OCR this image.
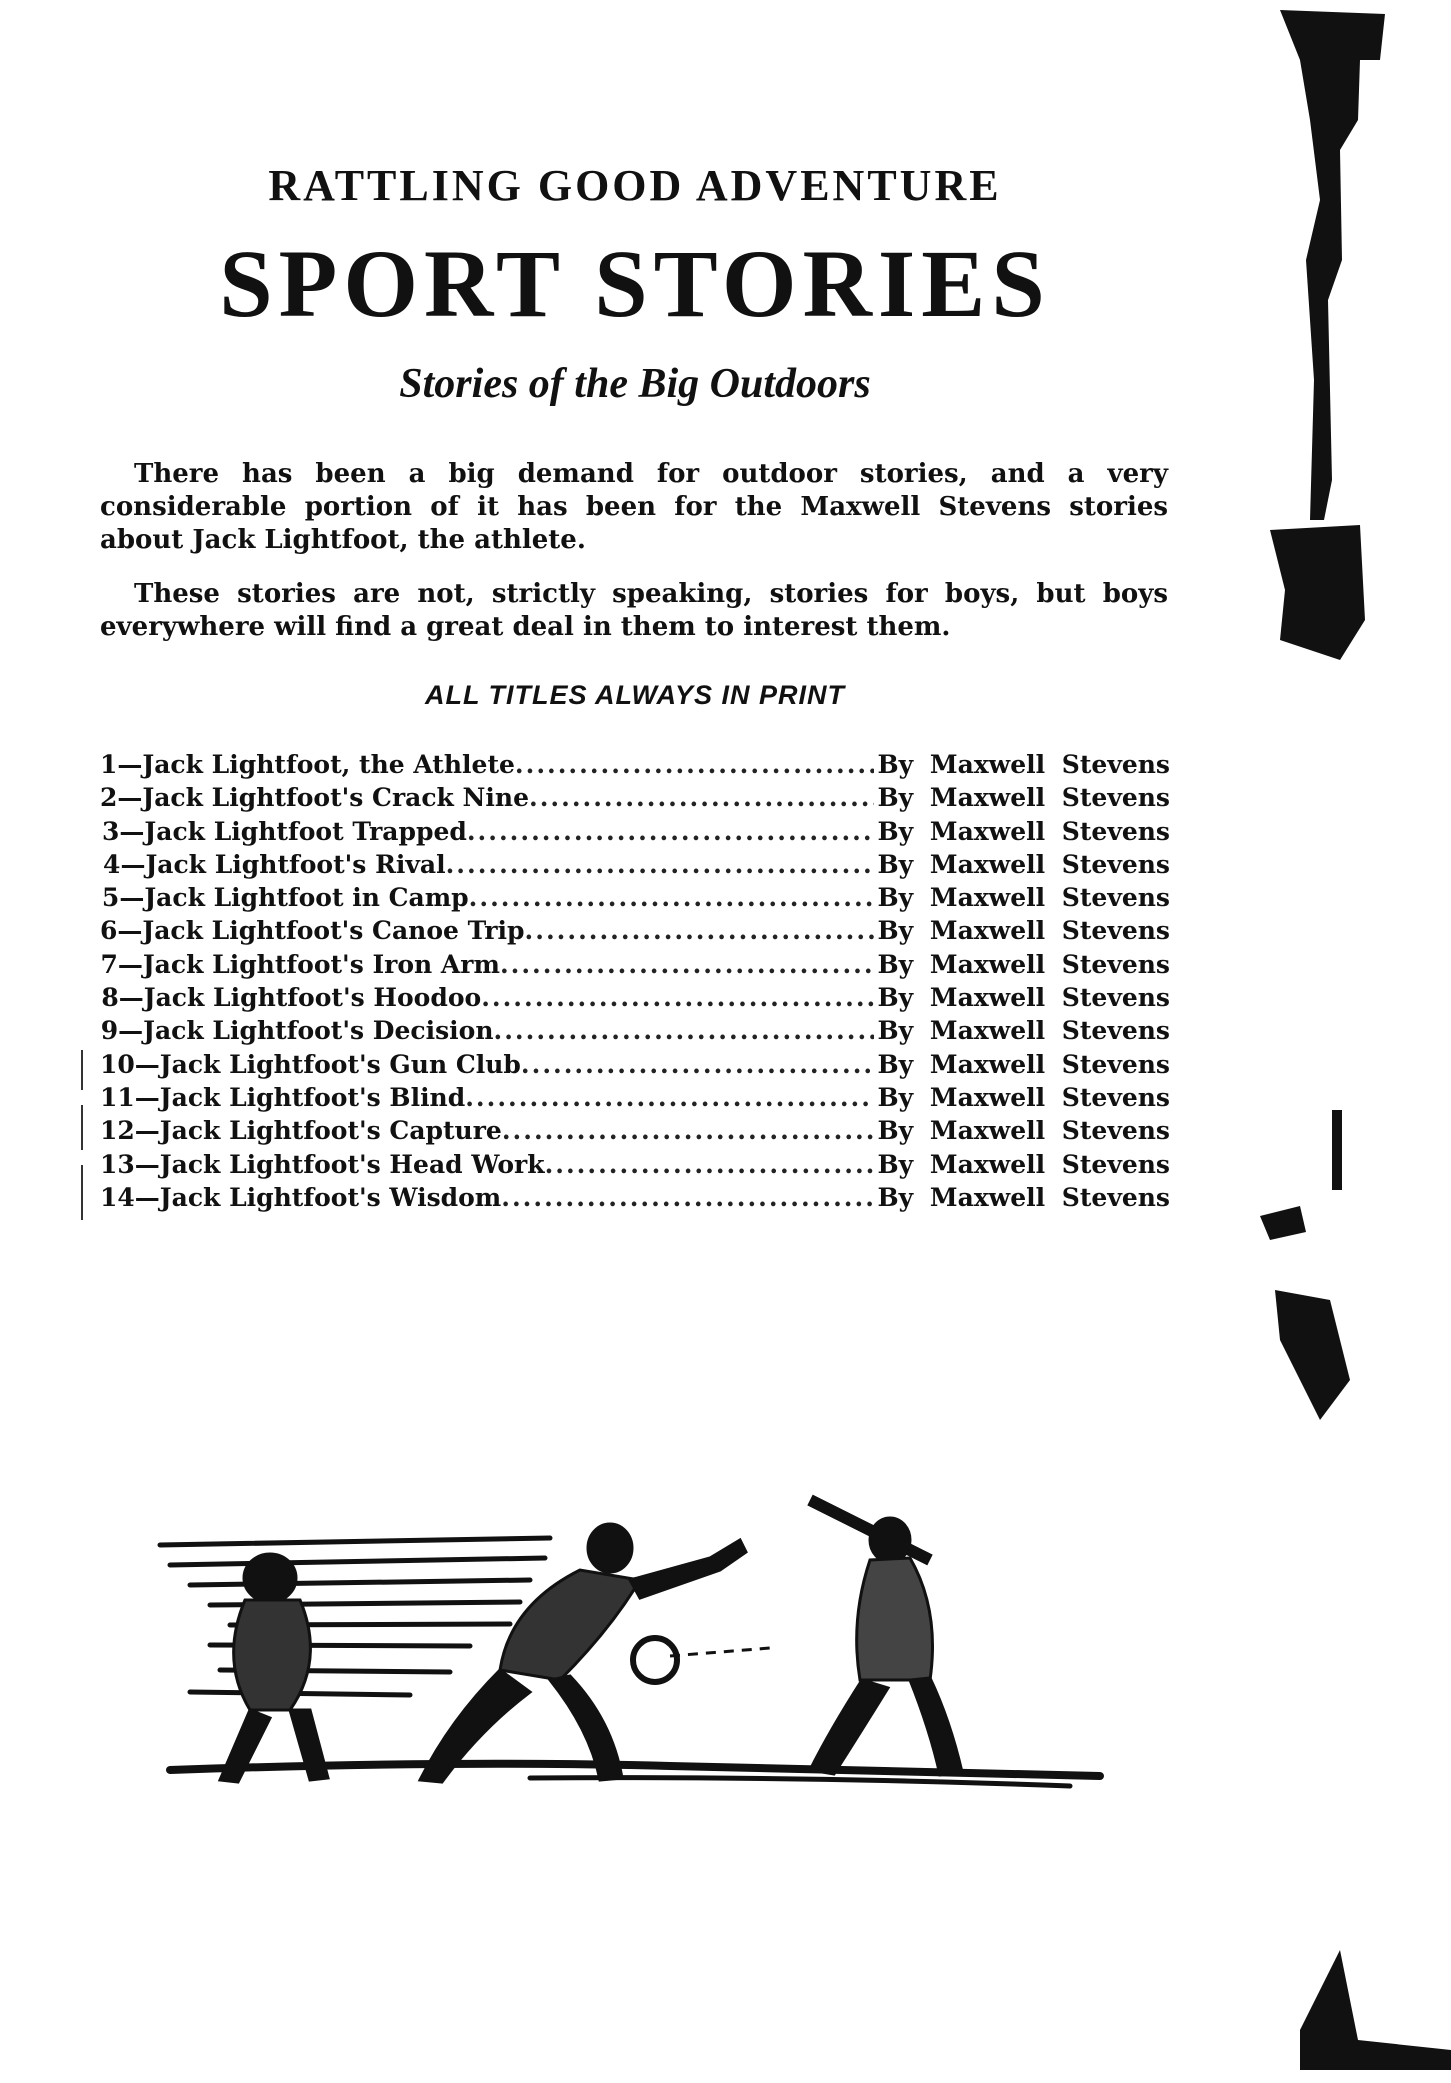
RATTLING GOOD ADVENTURE
SPORT STORIES
Stories of the Big Outdoors
There has been a big demand for outdoor stories, and a very considerable portion of it has been for the Maxwell Stevens stories about Jack Lightfoot, the athlete.
These stories are not, strictly speaking, stories for boys, but boys everywhere will find a great deal in them to interest them.
ALL TITLES ALWAYS IN PRINT
1 — Jack Lightfoot, the Athlete .....	By Maxwell Stevens
2 — Jack Lightfoot's Crack Nine .....	By Maxwell Stevens
3 — Jack Lightfoot Trapped .....	By Maxwell Stevens
4 — Jack Lightfoot's Rival .....	By Maxwell Stevens
5 — Jack Lightfoot in Camp .....	By Maxwell Stevens
6 — Jack Lightfoot's Canoe Trip .....	By Maxwell Stevens
7 — Jack Lightfoot's Iron Arm .....	By Maxwell Stevens
8 — Jack Lightfoot's Hoodoo .....	By Maxwell Stevens
9 — Jack Lightfoot's Decision .....	By Maxwell Stevens
10 — Jack Lightfoot's Gun Club .....	By Maxwell Stevens
11 — Jack Lightfoot's Blind .....	By Maxwell Stevens
12 — Jack Lightfoot's Capture .....	By Maxwell Stevens
13 — Jack Lightfoot's Head Work .....	By Maxwell Stevens
14 — Jack Lightfoot's Wisdom .....	By Maxwell Stevens
